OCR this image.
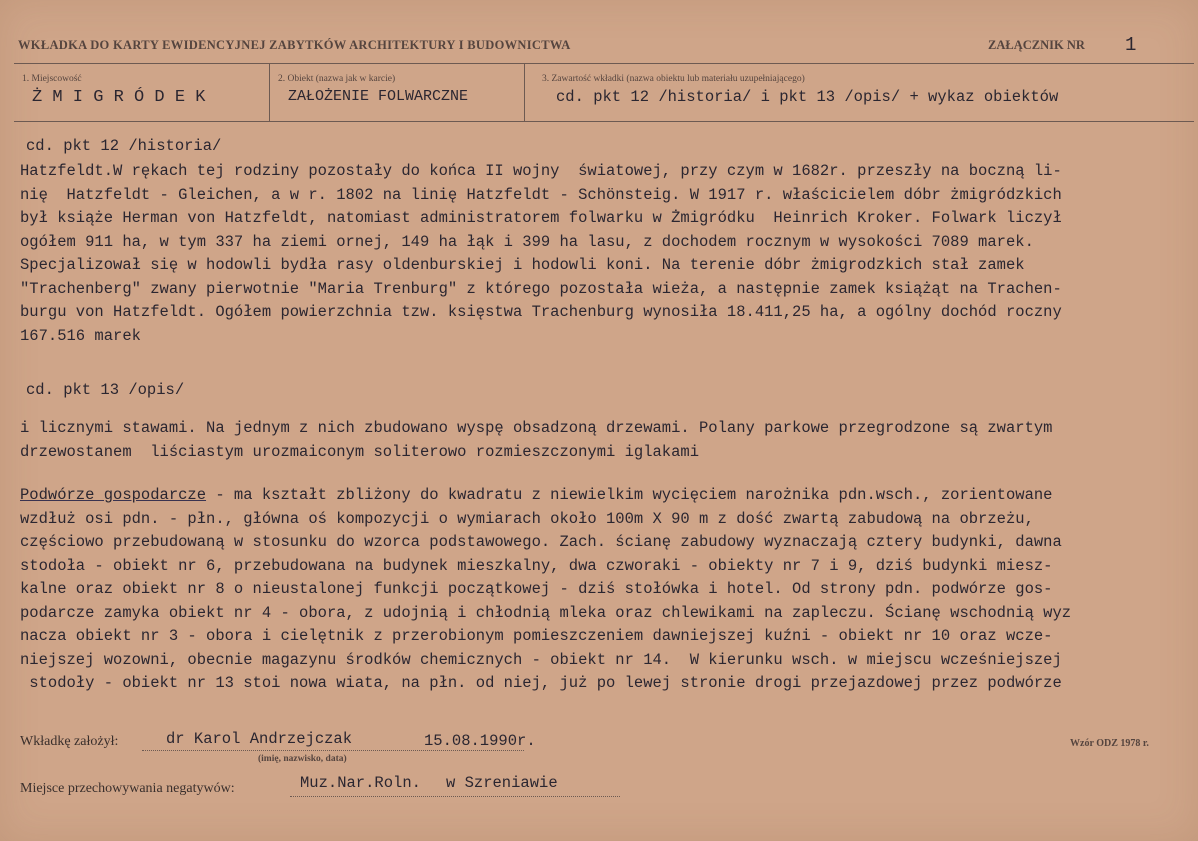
WKŁADKA DO KARTY EWIDENCYJNEJ ZABYTKÓW ARCHITEKTURY I BUDOWNICTWA	ZAŁĄCZNIK NR 1
1. Miejscowość
Ż M I G R Ó D E K
2. Obiekt (nazwa jak w karcie)
ZAŁOŻENIE FOLWARCZNE
3. Zawartość wkładki (nazwa obiektu lub materiału uzupełniającego)
cd. pkt 12 /historia/ i pkt 13 /opis/ + wykaz obiektów
cd. pkt 12 /historia/
Hatzfeldt.W rękach tej rodziny pozostały do końca II wojny  światowej, przy czym w 1682r. przeszły na boczną li-
nię  Hatzfeldt - Gleichen, a w r. 1802 na linię Hatzfeldt - Schönsteig. W 1917 r. właścicielem dóbr żmigródzkich
był książe Herman von Hatzfeldt, natomiast administratorem folwarku w Żmigródku  Heinrich Kroker. Folwark liczył
ogółem 911 ha, w tym 337 ha ziemi ornej, 149 ha łąk i 399 ha lasu, z dochodem rocznym w wysokości 7089 marek.
Specjalizował się w hodowli bydła rasy oldenburskiej i hodowli koni. Na terenie dóbr żmigrodzkich stał zamek
"Trachenberg" zwany pierwotnie "Maria Trenburg" z którego pozostała wieża, a następnie zamek książąt na Trachen-
burgu von Hatzfeldt. Ogółem powierzchnia tzw. księstwa Trachenburg wynosiła 18.411,25 ha, a ogólny dochód roczny
167.516 marek
cd. pkt 13 /opis/
i licznymi stawami. Na jednym z nich zbudowano wyspę obsadzoną drzewami. Polany parkowe przegrodzone są zwartym
drzewostanem  liściastym urozmaiconym soliterowo rozmieszczonymi iglakami
Podwórze gospodarcze - ma kształt zbliżony do kwadratu z niewielkim wycięciem narożnika pdn.wsch., zorientowane
wzdłuż osi pdn. - płn., główna oś kompozycji o wymiarach około 100m X 90 m z dość zwartą zabudową na obrzeżu,
częściowo przebudowaną w stosunku do wzorca podstawowego. Zach. ścianę zabudowy wyznaczają cztery budynki, dawna
stodoła - obiekt nr 6, przebudowana na budynek mieszkalny, dwa czworaki - obiekty nr 7 i 9, dziś budynki miesz-
kalne oraz obiekt nr 8 o nieustalonej funkcji początkowej - dziś stołówka i hotel. Od strony pdn. podwórze gos-
podarcze zamyka obiekt nr 4 - obora, z udojnią i chłodnią mleka oraz chlewikami na zapleczu. Ścianę wschodnią wyz
nacza obiekt nr 3 - obora i cielętnik z przerobionym pomieszczeniem dawniejszej kuźni - obiekt nr 10 oraz wcze-
niejszej wozowni, obecnie magazynu środków chemicznych - obiekt nr 14.  W kierunku wsch. w miejscu wcześniejszej
stodoły - obiekt nr 13 stoi nowa wiata, na płn. od niej, już po lewej stronie drogi przejazdowej przez podwórze
Wkładkę założył:	dr Karol Andrzejczak	15.08.1990r.
(imię, nazwisko, data)
Wzór ODZ 1978 r.
Miejsce przechowywania negatywów:	Muz.Nar.Roln. w Szreniawie
